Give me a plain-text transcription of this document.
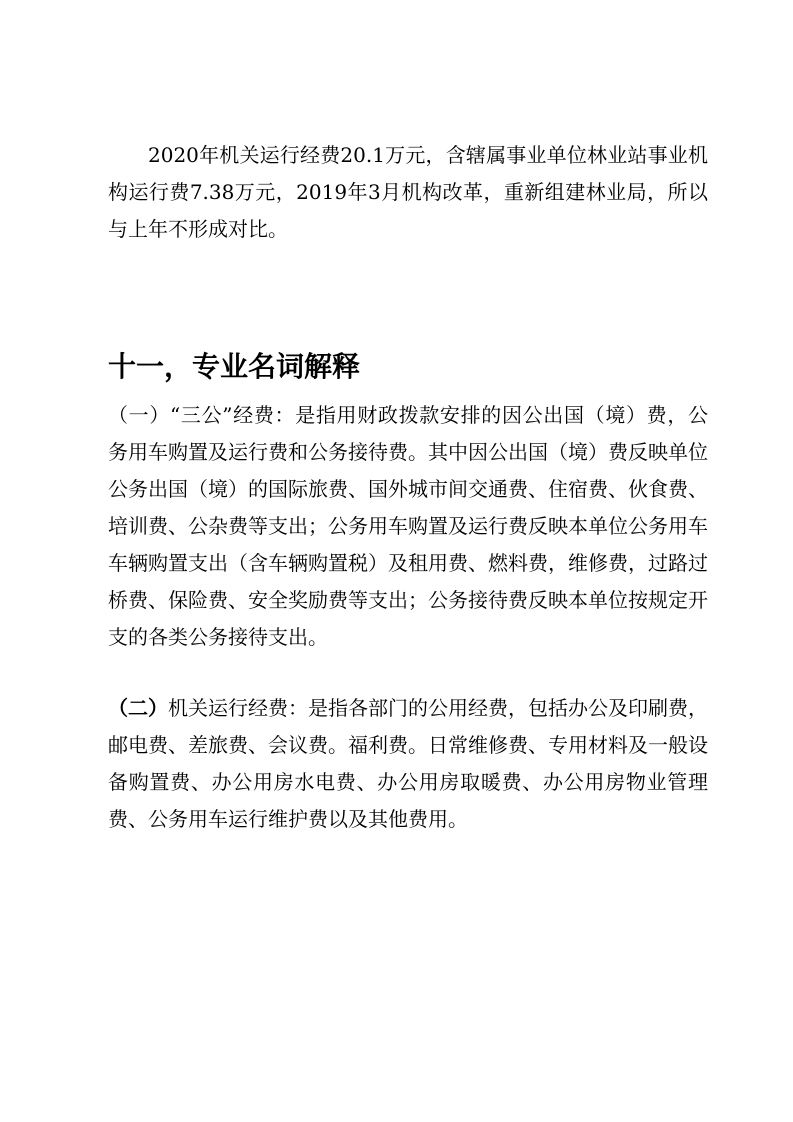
2020年机关运行经费20.1万元，含辖属事业单位林业站事业机构运行费7.38万元，2019年3月机构改革，重新组建林业局，所以与上年不形成对比。

十一，专业名词解释

（一）“三公”经费：是指用财政拨款安排的因公出国（境）费，公务用车购置及运行费和公务接待费。其中因公出国（境）费反映单位公务出国（境）的国际旅费、国外城市间交通费、住宿费、伙食费、培训费、公杂费等支出；公务用车购置及运行费反映本单位公务用车车辆购置支出（含车辆购置税）及租用费、燃料费，维修费，过路过桥费、保险费、安全奖励费等支出；公务接待费反映本单位按规定开支的各类公务接待支出。

（二）机关运行经费：是指各部门的公用经费，包括办公及印刷费，邮电费、差旅费、会议费。福利费。日常维修费、专用材料及一般设备购置费、办公用房水电费、办公用房取暖费、办公用房物业管理费、公务用车运行维护费以及其他费用。
